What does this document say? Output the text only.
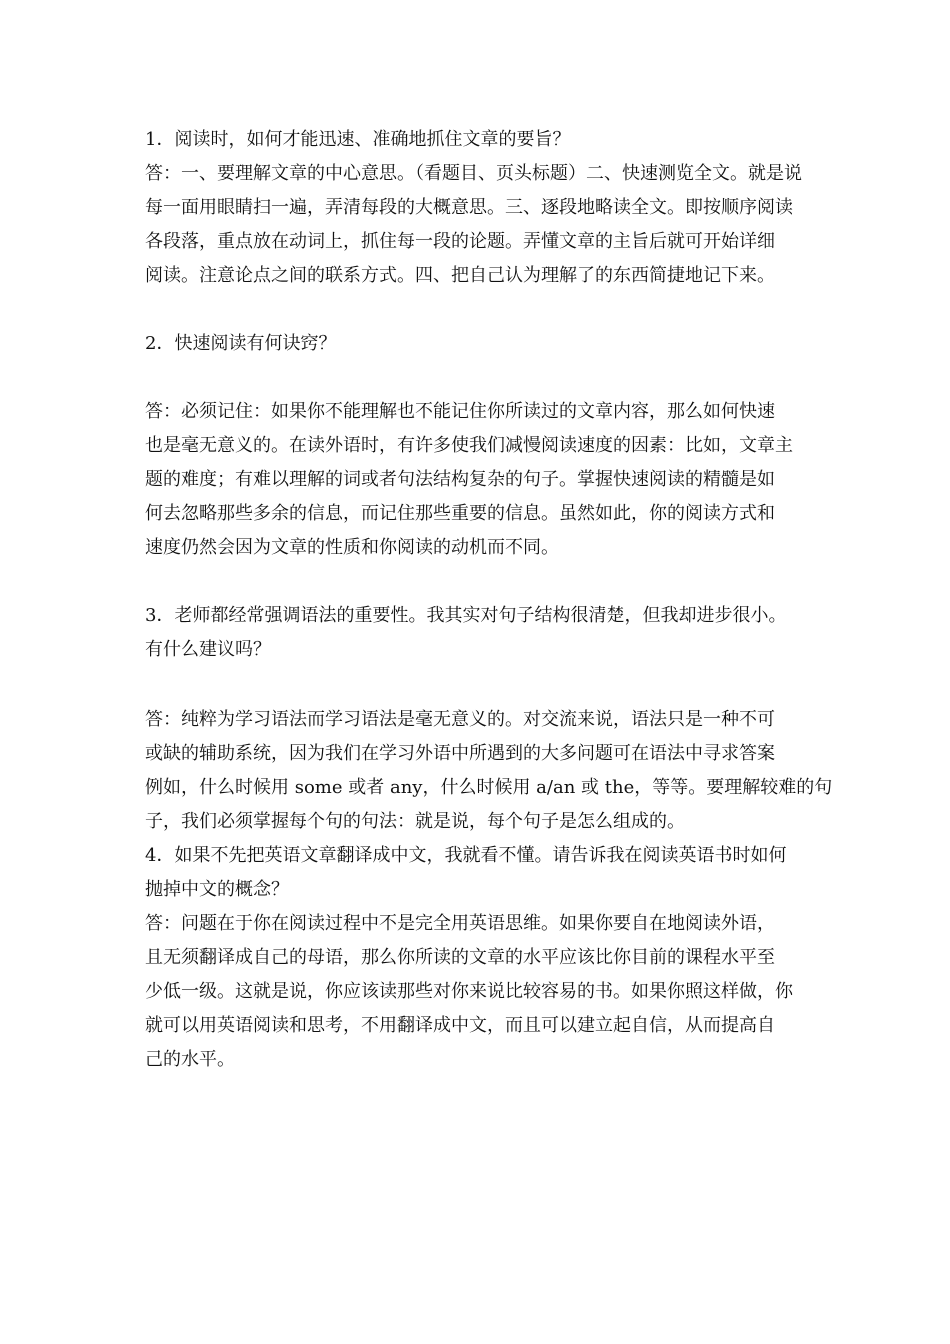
1．阅读时，如何才能迅速、准确地抓住文章的要旨？
答：一、要理解文章的中心意思。（看题目、页头标题）二、快速测览全文。就是说
每一面用眼睛扫一遍，弄清每段的大概意思。三、逐段地略读全文。即按顺序阅读
各段落，重点放在动词上，抓住每一段的论题。弄懂文章的主旨后就可开始详细
阅读。注意论点之间的联系方式。四、把自己认为理解了的东西简捷地记下来。
2．快速阅读有何诀窍？
答：必须记住：如果你不能理解也不能记住你所读过的文章内容，那么如何快速
也是毫无意义的。在读外语时，有许多使我们减慢阅读速度的因素：比如，文章主
题的难度；有难以理解的词或者句法结构复杂的句子。掌握快速阅读的精髓是如
何去忽略那些多余的信息，而记住那些重要的信息。虽然如此，你的阅读方式和
速度仍然会因为文章的性质和你阅读的动机而不同。
3．老师都经常强调语法的重要性。我其实对句子结构很清楚，但我却进步很小。
有什么建议吗？
答：纯粹为学习语法而学习语法是毫无意义的。对交流来说，语法只是一种不可
或缺的辅助系统，因为我们在学习外语中所遇到的大多问题可在语法中寻求答案
例如，什么时候用 some 或者 any，什么时候用 a/an 或 the，等等。要理解较难的句
子，我们必须掌握每个句的句法：就是说，每个句子是怎么组成的。
4．如果不先把英语文章翻译成中文，我就看不懂。请告诉我在阅读英语书时如何
抛掉中文的概念？
答：问题在于你在阅读过程中不是完全用英语思维。如果你要自在地阅读外语，
且无须翻译成自己的母语，那么你所读的文章的水平应该比你目前的课程水平至
少低一级。这就是说，你应该读那些对你来说比较容易的书。如果你照这样做，你
就可以用英语阅读和思考，不用翻译成中文，而且可以建立起自信，从而提高自
己的水平。
